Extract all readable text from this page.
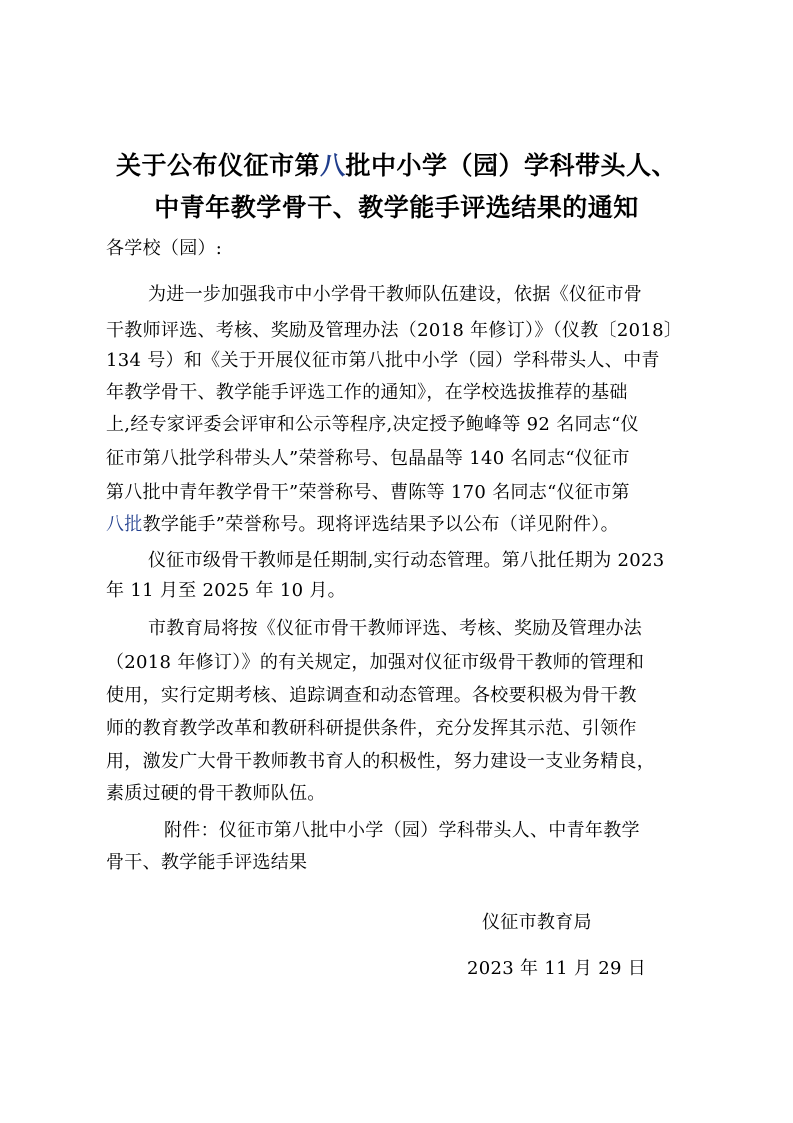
关于公布仪征市第八批中小学（园）学科带头人、
中青年教学骨干、教学能手评选结果的通知
各学校（园）:
为进一步加强我市中小学骨干教师队伍建设，依据《仪征市骨
干教师评选、考核、奖励及管理办法（2018 年修订）》（仪教〔2018〕
134 号）和《关于开展仪征市第八批中小学（园）学科带头人、中青
年教学骨干、教学能手评选工作的通知》，在学校选拔推荐的基础
上,经专家评委会评审和公示等程序,决定授予鲍峰等 92 名同志“仪
征市第八批学科带头人”荣誉称号、包晶晶等 140 名同志“仪征市
第八批中青年教学骨干”荣誉称号、曹陈等 170 名同志“仪征市第
八批教学能手”荣誉称号。现将评选结果予以公布（详见附件）。
仪征市级骨干教师是任期制,实行动态管理。第八批任期为 2023
年 11 月至 2025 年 10 月。
市教育局将按《仪征市骨干教师评选、考核、奖励及管理办法
（2018 年修订）》的有关规定，加强对仪征市级骨干教师的管理和
使用，实行定期考核、追踪调查和动态管理。各校要积极为骨干教
师的教育教学改革和教研科研提供条件，充分发挥其示范、引领作
用，激发广大骨干教师教书育人的积极性，努力建设一支业务精良，
素质过硬的骨干教师队伍。
附件：仪征市第八批中小学（园）学科带头人、中青年教学
骨干、教学能手评选结果
仪征市教育局
2023 年 11 月 29 日
